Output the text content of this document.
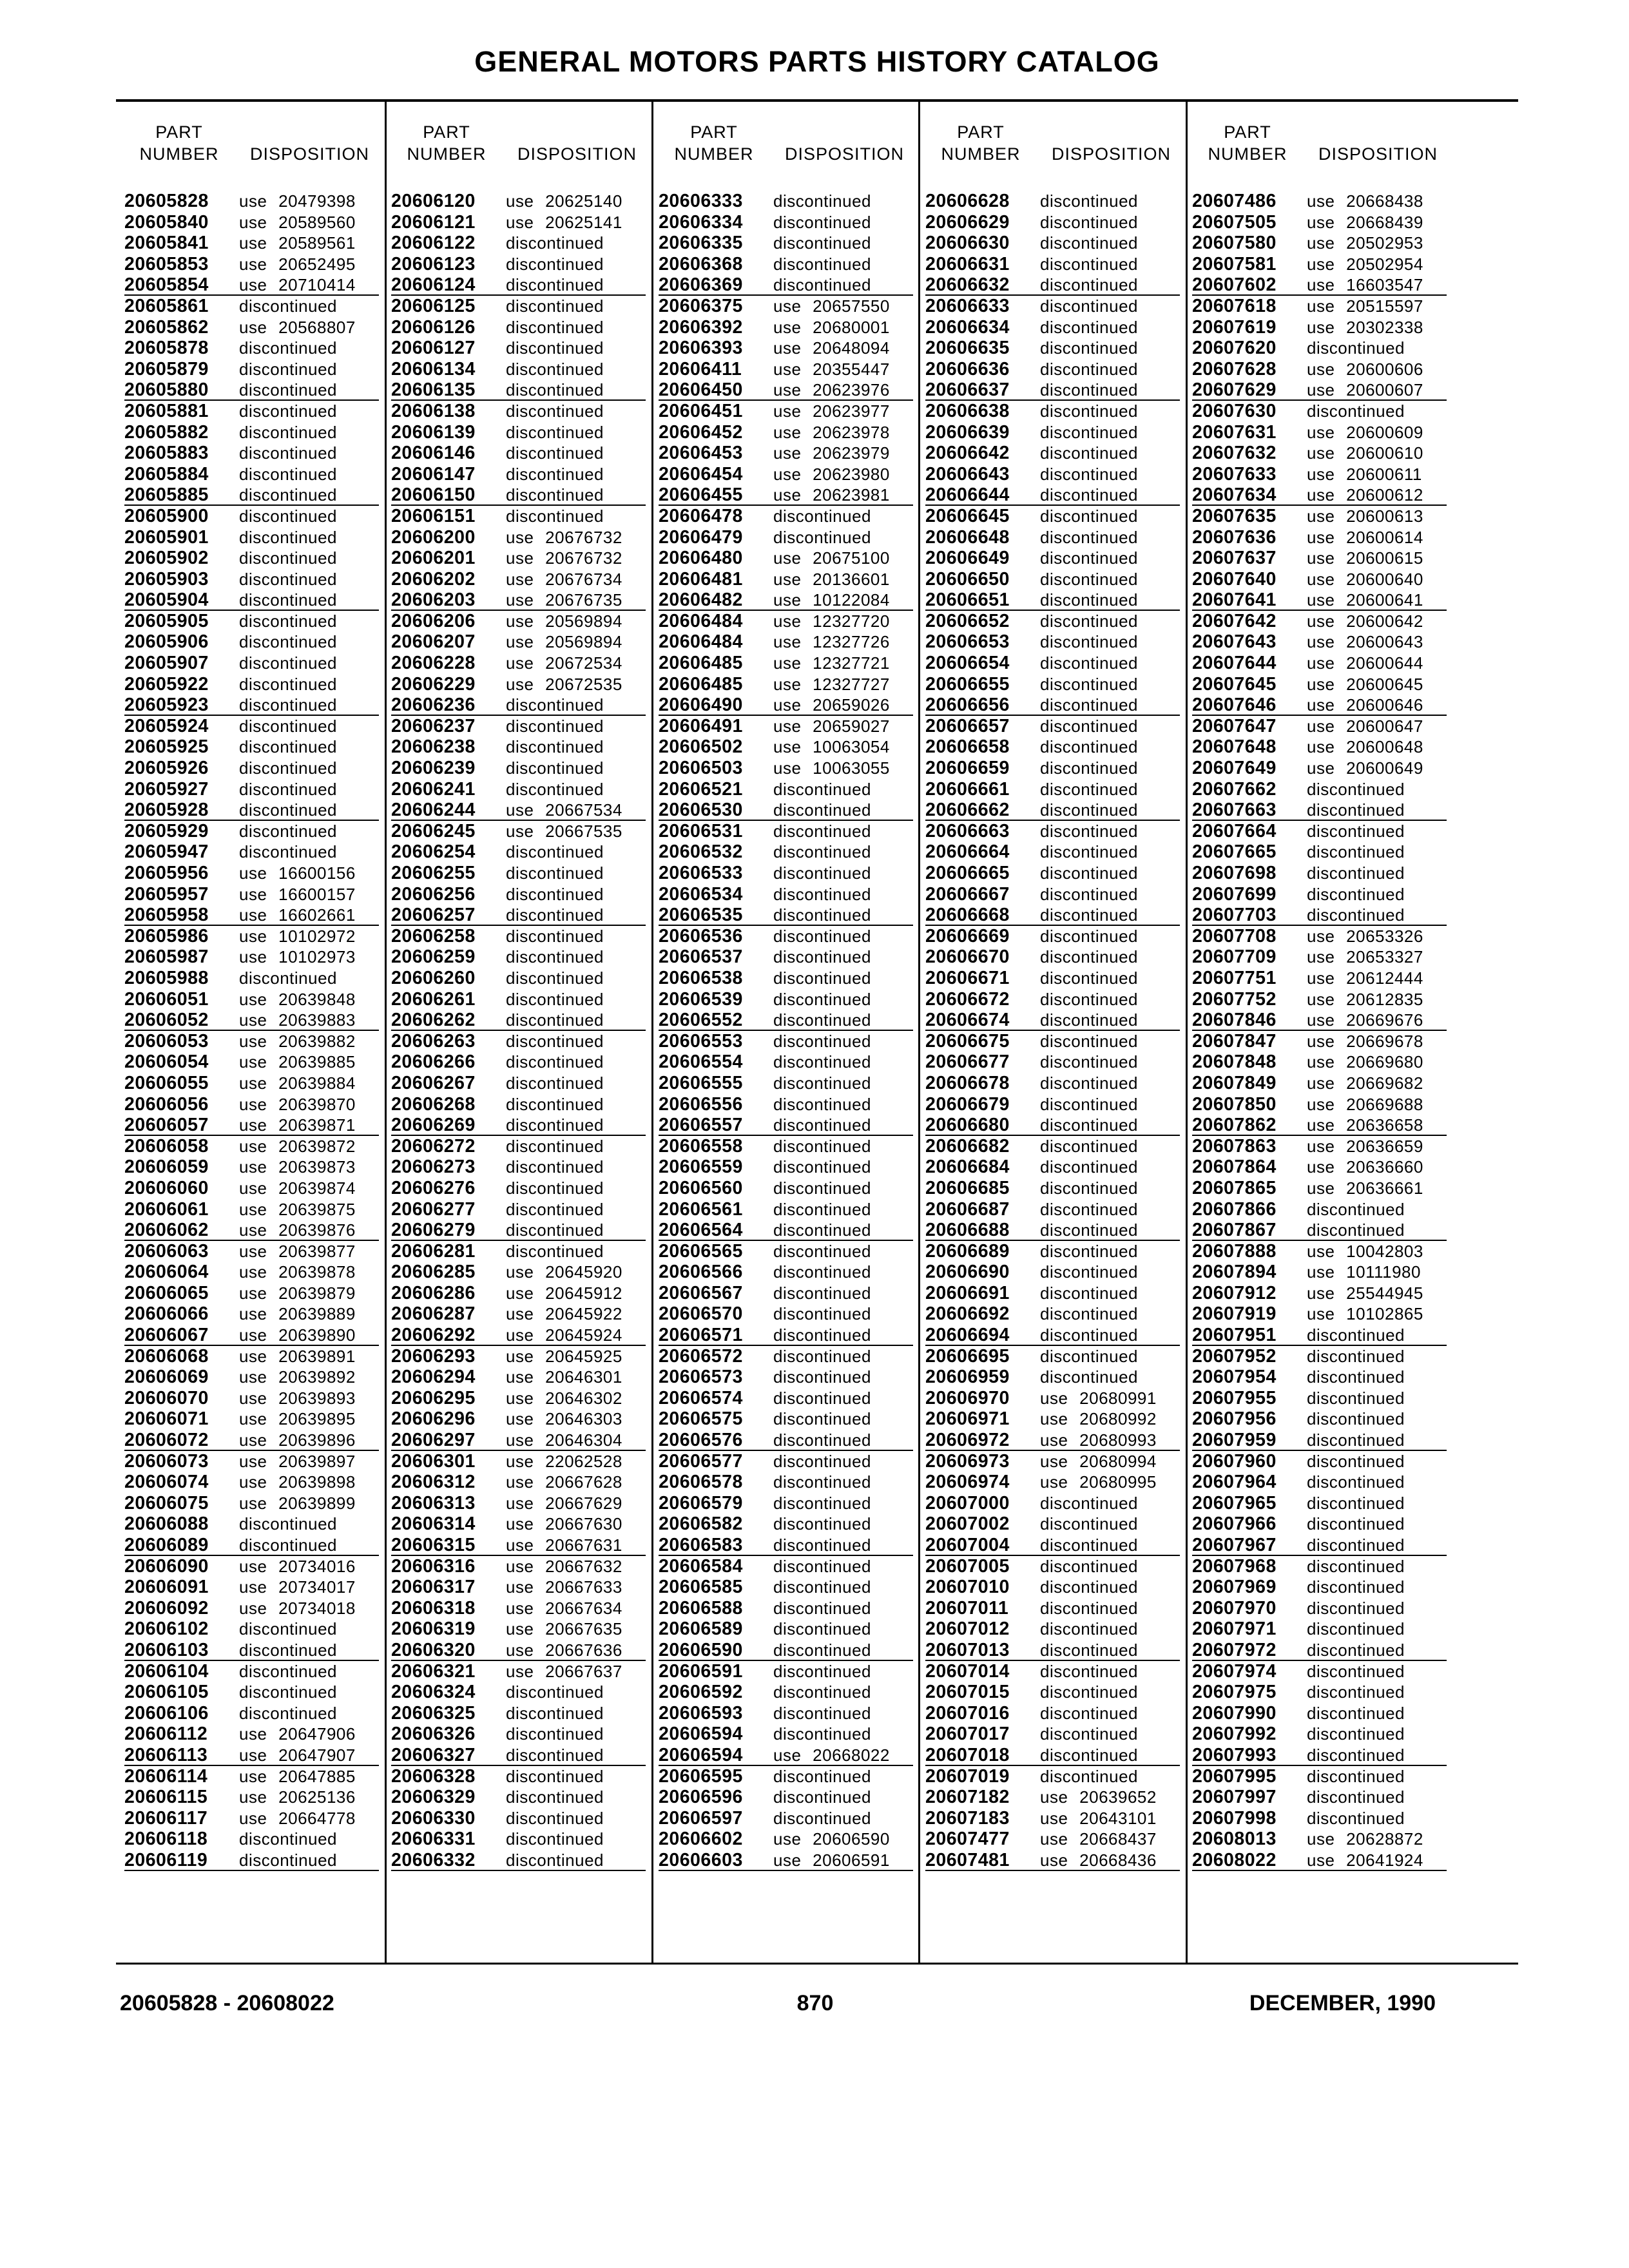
GENERAL MOTORS PARTS HISTORY CATALOG
PART
NUMBER	DISPOSITION
PART
NUMBER	DISPOSITION
PART
NUMBER	DISPOSITION
PART
NUMBER	DISPOSITION
PART
NUMBER	DISPOSITION
20605828 use 20479398
20605840 use 20589560
20605841 use 20589561
20605853 use 20652495
20605854 use 20710414
20605861 discontinued
20605862 use 20568807
20605878 discontinued
20605879 discontinued
20605880 discontinued
20605881 discontinued
20605882 discontinued
20605883 discontinued
20605884 discontinued
20605885 discontinued
20605900 discontinued
20605901 discontinued
20605902 discontinued
20605903 discontinued
20605904 discontinued
20605905 discontinued
20605906 discontinued
20605907 discontinued
20605922 discontinued
20605923 discontinued
20605924 discontinued
20605925 discontinued
20605926 discontinued
20605927 discontinued
20605928 discontinued
20605929 discontinued
20605947 discontinued
20605956 use 16600156
20605957 use 16600157
20605958 use 16602661
20605986 use 10102972
20605987 use 10102973
20605988 discontinued
20606051 use 20639848
20606052 use 20639883
20606053 use 20639882
20606054 use 20639885
20606055 use 20639884
20606056 use 20639870
20606057 use 20639871
20606058 use 20639872
20606059 use 20639873
20606060 use 20639874
20606061 use 20639875
20606062 use 20639876
20606063 use 20639877
20606064 use 20639878
20606065 use 20639879
20606066 use 20639889
20606067 use 20639890
20606068 use 20639891
20606069 use 20639892
20606070 use 20639893
20606071 use 20639895
20606072 use 20639896
20606073 use 20639897
20606074 use 20639898
20606075 use 20639899
20606088 discontinued
20606089 discontinued
20606090 use 20734016
20606091 use 20734017
20606092 use 20734018
20606102 discontinued
20606103 discontinued
20606104 discontinued
20606105 discontinued
20606106 discontinued
20606112 use 20647906
20606113 use 20647907
20606114 use 20647885
20606115 use 20625136
20606117 use 20664778
20606118 discontinued
20606119 discontinued
20606120 use 20625140
20606121 use 20625141
20606122 discontinued
20606123 discontinued
20606124 discontinued
20606125 discontinued
20606126 discontinued
20606127 discontinued
20606134 discontinued
20606135 discontinued
20606138 discontinued
20606139 discontinued
20606146 discontinued
20606147 discontinued
20606150 discontinued
20606151 discontinued
20606200 use 20676732
20606201 use 20676732
20606202 use 20676734
20606203 use 20676735
20606206 use 20569894
20606207 use 20569894
20606228 use 20672534
20606229 use 20672535
20606236 discontinued
20606237 discontinued
20606238 discontinued
20606239 discontinued
20606241 discontinued
20606244 use 20667534
20606245 use 20667535
20606254 discontinued
20606255 discontinued
20606256 discontinued
20606257 discontinued
20606258 discontinued
20606259 discontinued
20606260 discontinued
20606261 discontinued
20606262 discontinued
20606263 discontinued
20606266 discontinued
20606267 discontinued
20606268 discontinued
20606269 discontinued
20606272 discontinued
20606273 discontinued
20606276 discontinued
20606277 discontinued
20606279 discontinued
20606281 discontinued
20606285 use 20645920
20606286 use 20645912
20606287 use 20645922
20606292 use 20645924
20606293 use 20645925
20606294 use 20646301
20606295 use 20646302
20606296 use 20646303
20606297 use 20646304
20606301 use 22062528
20606312 use 20667628
20606313 use 20667629
20606314 use 20667630
20606315 use 20667631
20606316 use 20667632
20606317 use 20667633
20606318 use 20667634
20606319 use 20667635
20606320 use 20667636
20606321 use 20667637
20606324 discontinued
20606325 discontinued
20606326 discontinued
20606327 discontinued
20606328 discontinued
20606329 discontinued
20606330 discontinued
20606331 discontinued
20606332 discontinued
20606333 discontinued
20606334 discontinued
20606335 discontinued
20606368 discontinued
20606369 discontinued
20606375 use 20657550
20606392 use 20680001
20606393 use 20648094
20606411 use 20355447
20606450 use 20623976
20606451 use 20623977
20606452 use 20623978
20606453 use 20623979
20606454 use 20623980
20606455 use 20623981
20606478 discontinued
20606479 discontinued
20606480 use 20675100
20606481 use 20136601
20606482 use 10122084
20606484 use 12327720
20606484 use 12327726
20606485 use 12327721
20606485 use 12327727
20606490 use 20659026
20606491 use 20659027
20606502 use 10063054
20606503 use 10063055
20606521 discontinued
20606530 discontinued
20606531 discontinued
20606532 discontinued
20606533 discontinued
20606534 discontinued
20606535 discontinued
20606536 discontinued
20606537 discontinued
20606538 discontinued
20606539 discontinued
20606552 discontinued
20606553 discontinued
20606554 discontinued
20606555 discontinued
20606556 discontinued
20606557 discontinued
20606558 discontinued
20606559 discontinued
20606560 discontinued
20606561 discontinued
20606564 discontinued
20606565 discontinued
20606566 discontinued
20606567 discontinued
20606570 discontinued
20606571 discontinued
20606572 discontinued
20606573 discontinued
20606574 discontinued
20606575 discontinued
20606576 discontinued
20606577 discontinued
20606578 discontinued
20606579 discontinued
20606582 discontinued
20606583 discontinued
20606584 discontinued
20606585 discontinued
20606588 discontinued
20606589 discontinued
20606590 discontinued
20606591 discontinued
20606592 discontinued
20606593 discontinued
20606594 discontinued
20606594 use 20668022
20606595 discontinued
20606596 discontinued
20606597 discontinued
20606602 use 20606590
20606603 use 20606591
20606628 discontinued
20606629 discontinued
20606630 discontinued
20606631 discontinued
20606632 discontinued
20606633 discontinued
20606634 discontinued
20606635 discontinued
20606636 discontinued
20606637 discontinued
20606638 discontinued
20606639 discontinued
20606642 discontinued
20606643 discontinued
20606644 discontinued
20606645 discontinued
20606648 discontinued
20606649 discontinued
20606650 discontinued
20606651 discontinued
20606652 discontinued
20606653 discontinued
20606654 discontinued
20606655 discontinued
20606656 discontinued
20606657 discontinued
20606658 discontinued
20606659 discontinued
20606661 discontinued
20606662 discontinued
20606663 discontinued
20606664 discontinued
20606665 discontinued
20606667 discontinued
20606668 discontinued
20606669 discontinued
20606670 discontinued
20606671 discontinued
20606672 discontinued
20606674 discontinued
20606675 discontinued
20606677 discontinued
20606678 discontinued
20606679 discontinued
20606680 discontinued
20606682 discontinued
20606684 discontinued
20606685 discontinued
20606687 discontinued
20606688 discontinued
20606689 discontinued
20606690 discontinued
20606691 discontinued
20606692 discontinued
20606694 discontinued
20606695 discontinued
20606959 discontinued
20606970 use 20680991
20606971 use 20680992
20606972 use 20680993
20606973 use 20680994
20606974 use 20680995
20607000 discontinued
20607002 discontinued
20607004 discontinued
20607005 discontinued
20607010 discontinued
20607011 discontinued
20607012 discontinued
20607013 discontinued
20607014 discontinued
20607015 discontinued
20607016 discontinued
20607017 discontinued
20607018 discontinued
20607019 discontinued
20607182 use 20639652
20607183 use 20643101
20607477 use 20668437
20607481 use 20668436
20607486 use 20668438
20607505 use 20668439
20607580 use 20502953
20607581 use 20502954
20607602 use 16603547
20607618 use 20515597
20607619 use 20302338
20607620 discontinued
20607628 use 20600606
20607629 use 20600607
20607630 discontinued
20607631 use 20600609
20607632 use 20600610
20607633 use 20600611
20607634 use 20600612
20607635 use 20600613
20607636 use 20600614
20607637 use 20600615
20607640 use 20600640
20607641 use 20600641
20607642 use 20600642
20607643 use 20600643
20607644 use 20600644
20607645 use 20600645
20607646 use 20600646
20607647 use 20600647
20607648 use 20600648
20607649 use 20600649
20607662 discontinued
20607663 discontinued
20607664 discontinued
20607665 discontinued
20607698 discontinued
20607699 discontinued
20607703 discontinued
20607708 use 20653326
20607709 use 20653327
20607751 use 20612444
20607752 use 20612835
20607846 use 20669676
20607847 use 20669678
20607848 use 20669680
20607849 use 20669682
20607850 use 20669688
20607862 use 20636658
20607863 use 20636659
20607864 use 20636660
20607865 use 20636661
20607866 discontinued
20607867 discontinued
20607888 use 10042803
20607894 use 10111980
20607912 use 25544945
20607919 use 10102865
20607951 discontinued
20607952 discontinued
20607954 discontinued
20607955 discontinued
20607956 discontinued
20607959 discontinued
20607960 discontinued
20607964 discontinued
20607965 discontinued
20607966 discontinued
20607967 discontinued
20607968 discontinued
20607969 discontinued
20607970 discontinued
20607971 discontinued
20607972 discontinued
20607974 discontinued
20607975 discontinued
20607990 discontinued
20607992 discontinued
20607993 discontinued
20607995 discontinued
20607997 discontinued
20607998 discontinued
20608013 use 20628872
20608022 use 20641924
20605828 - 20608022	870	DECEMBER, 1990
